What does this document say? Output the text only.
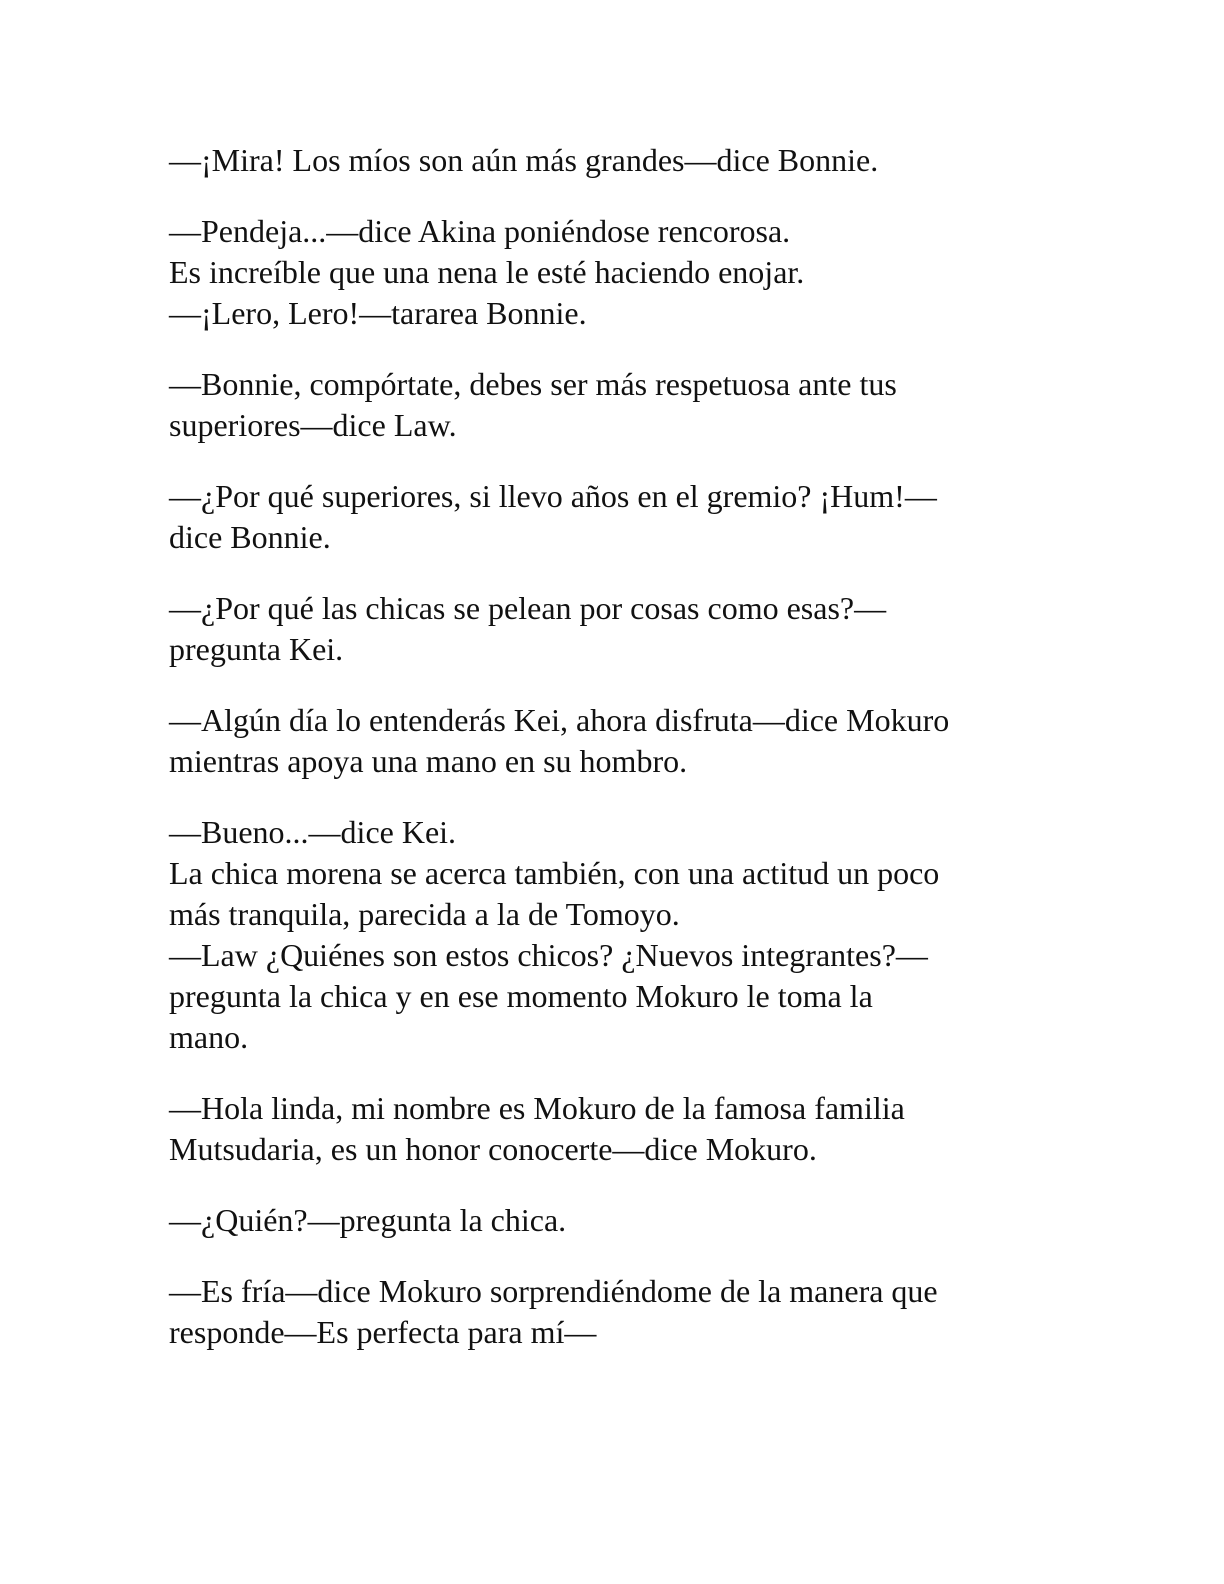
—¡Mira! Los míos son aún más grandes—dice Bonnie.

—Pendeja...—dice Akina poniéndose rencorosa.
Es increíble que una nena le esté haciendo enojar.
—¡Lero, Lero!—tararea Bonnie.

—Bonnie, compórtate, debes ser más respetuosa ante tus
superiores—dice Law.

—¿Por qué superiores, si llevo años en el gremio? ¡Hum!—
dice Bonnie.

—¿Por qué las chicas se pelean por cosas como esas?—
pregunta Kei.

—Algún día lo entenderás Kei, ahora disfruta—dice Mokuro
mientras apoya una mano en su hombro.

—Bueno...—dice Kei.
La chica morena se acerca también, con una actitud un poco
más tranquila, parecida a la de Tomoyo.
—Law ¿Quiénes son estos chicos? ¿Nuevos integrantes?—
pregunta la chica y en ese momento Mokuro le toma la
mano.

—Hola linda, mi nombre es Mokuro de la famosa familia
Mutsudaria, es un honor conocerte—dice Mokuro.

—¿Quién?—pregunta la chica.

—Es fría—dice Mokuro sorprendiéndome de la manera que
responde—Es perfecta para mí—
